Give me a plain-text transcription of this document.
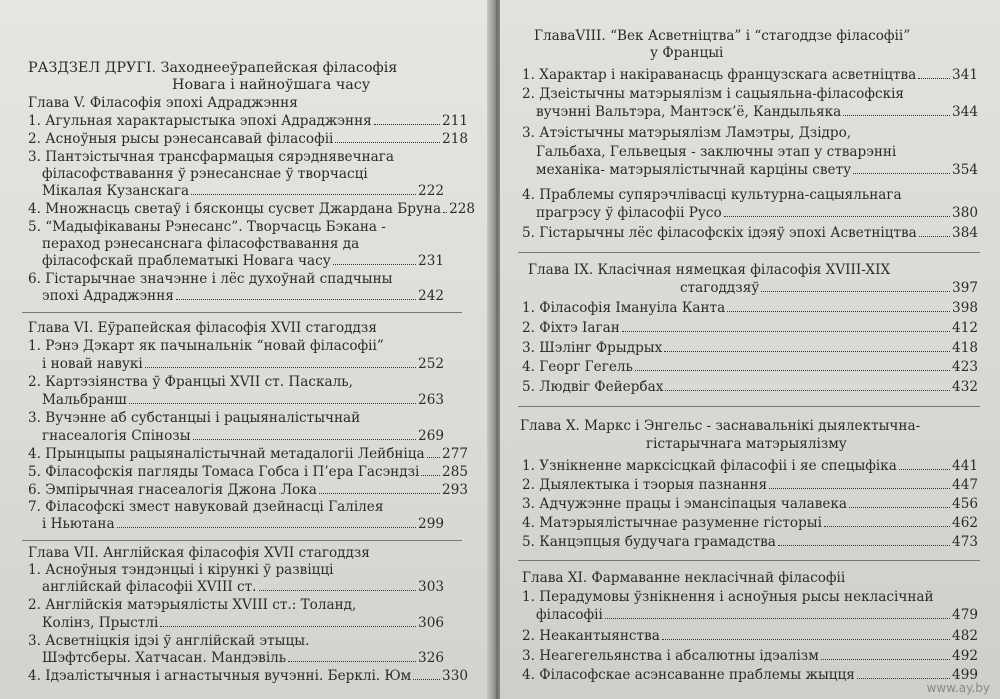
РАЗДЗЕЛ ДРУГІ. Заходнееўрапейская філасофія
Новага і найноўшага часу
Глава V. Філасофія эпохі Адраджэння
1. Агульная характарыстыка эпохі Адраджэння	211
2. Асноўныя рысы рэнесансавай філасофіі	218
3. Пантэістычная трансфармацыя сярэднявечнага
філасофствавання ў рэнесанснае ў творчасці
Мікалая Кузанскага	222
4. Множнасць светаў і бясконцы сусвет Джардана Бруна 228
5. “Мадыфікаваны Рэнесанс”. Творчасць Бэкана -
пераход рэнесанснага філасофствавання да
філасофскай праблематыкі Новага часу	231
6. Гістарычнае значэнне і лёс духоўнай спадчыны
эпохі Адраджэння	242
Глава VI. Еўрапейская філасофія XVII стагоддзя
1. Рэнэ Дэкарт як пачынальнік “новай філасофіі”
і новай навукі	252
2. Картэзіянства ў Францыі XVII ст. Паскаль,
Мальбранш	263
3. Вучэнне аб субстанцыі і рацыяналістычнай
гнасеалогія Спінозы	269
4. Прынцыпы рацыяналістычнай метадалогіі Лейбніца 277
5. Філасофскія пагляды Томаса Гобса і П’ера Гасэндзі 285
6. Эмпірычная гнасеалогія Джона Лока	293
7. Філасофскі змест навуковай дзейнасці Галілея
і Ньютана	299
Глава VII. Англійская філасофія XVII стагоддзя
1. Асноўныя тэндэнцыі і кірункі ў развіцці
англійскай філасофіі XVIII ст.	303
2. Англійскія матэрыялісты XVIII ст.: Толанд,
Колінз, Прыстлі	306
3. Асветніцкія ідэі ў англійскай этыцы.
Шэфтсберы. Хатчасан. Мандэвіль	326
4. Ідэалістычныя і агнастычныя вучэнні. Берклі. Юм 330
ГлаваVIII. “Век Асветніцтва” і “стагоддзе філасофіі”
у Францыі
1. Характар і накіраванасць французскага асветніцтва	341
2. Дзеістычны матэрыялізм і сацыяльна-філасофскія
вучэнні Вальтэра, Мантэск’ё, Кандыльяка	344
3. Атэістычны матэрыялізм Ламэтры, Дзідро,
Гальбаха, Гельвецыя - заключны этап у стварэнні
механіка- матэрыялістычнай карціны свету	354
4. Праблемы супярэчлівасці культурна-сацыяльнага
прагрэсу ў філасофіі Русо	380
5. Гістарычны лёс філасофскіх ідэяў эпохі Асветніцтва	384
Глава IX. Класічная нямецкая філасофія XVIII-XIX
стагоддзяў	397
1. Філасофія Імануіла Канта	398
2. Фіхтэ Іаган	412
3. Шэлінг Фрыдрых	418
4. Георг Гегель	423
5. Людвіг Фейербах	432
Глава X. Маркс і Энгельс - заснавальнікі дыялектычна-
гістарычнага матэрыялізму
1. Узнікненне марксісцкай філасофіі і яе спецыфіка	441
2. Дыялектыка і тэорыя пазнання	447
3. Адчужэнне працы і эмансіпацыя чалавека	456
4. Матэрыялістычнае разуменне гісторыі	462
5. Канцэпцыя будучага грамадства	473
Глава XI. Фармаванне некласічнай філасофіі
1. Перадумовы ўзнікнення і асноўныя рысы некласічнай
філасофіі	479
2. Неакантыянства	482
3. Неагегельянства і абсалютны ідэалізм	492
4. Філасофскае асэнсаванне праблемы жыцця	499
www.ay.by
